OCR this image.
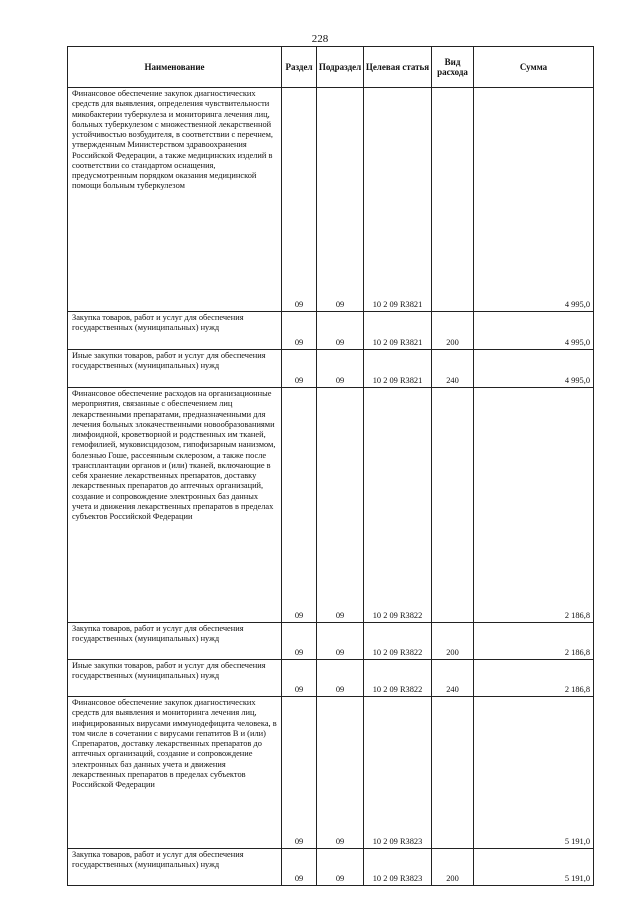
228
Наименование	Раздел	Подраздел	Целевая статья	Вид расхода	Сумма
Финансовое обеспечение закупок диагностических средств для выявления, определения чувствительности микобактерии туберкулеза и мониторинга лечения лиц, больных туберкулезом с множественной лекарственной устойчивостью возбудителя, в соответствии с перечнем, утвержденным Министерством здравоохранения Российской Федерации, а также медицинских изделий в соответствии со стандартом оснащения, предусмотренным порядком оказания медицинской помощи больным туберкулезом	09	09	10 2 09 R3821		4 995,0
Закупка товаров, работ и услуг для обеспечения государственных (муниципальных) нужд	09	09	10 2 09 R3821	200	4 995,0
Иные закупки товаров, работ и услуг для обеспечения государственных (муниципальных) нужд	09	09	10 2 09 R3821	240	4 995,0
Финансовое обеспечение расходов на организационные мероприятия, связанные с обеспечением лиц лекарственными препаратами, предназначенными для лечения больных злокачественными новообразованиями лимфоидной, кроветворной и родственных им тканей, гемофилией, муковисцидозом, гипофизарным нанизмом, болезнью Гоше, рассеянным склерозом, а также после трансплантации органов и (или) тканей, включающие в себя хранение лекарственных препаратов, доставку лекарственных препаратов до аптечных организаций, создание и сопровождение электронных баз данных учета и движения лекарственных препаратов в пределах субъектов Российской Федерации	09	09	10 2 09 R3822		2 186,8
Закупка товаров, работ и услуг для обеспечения государственных (муниципальных) нужд	09	09	10 2 09 R3822	200	2 186,8
Иные закупки товаров, работ и услуг для обеспечения государственных (муниципальных) нужд	09	09	10 2 09 R3822	240	2 186,8
Финансовое обеспечение закупок диагностических средств для выявления и мониторинга лечения лиц, инфицированных вирусами иммунодефицита человека, в том числе в сочетании с вирусами гепатитов B и (или) Cпрепаратов, доставку лекарственных препаратов до аптечных организаций, создание и сопровождение электронных баз данных учета и движения лекарственных препаратов в пределах субъектов Российской Федерации	09	09	10 2 09 R3823		5 191,0
Закупка товаров, работ и услуг для обеспечения государственных (муниципальных) нужд	09	09	10 2 09 R3823	200	5 191,0
